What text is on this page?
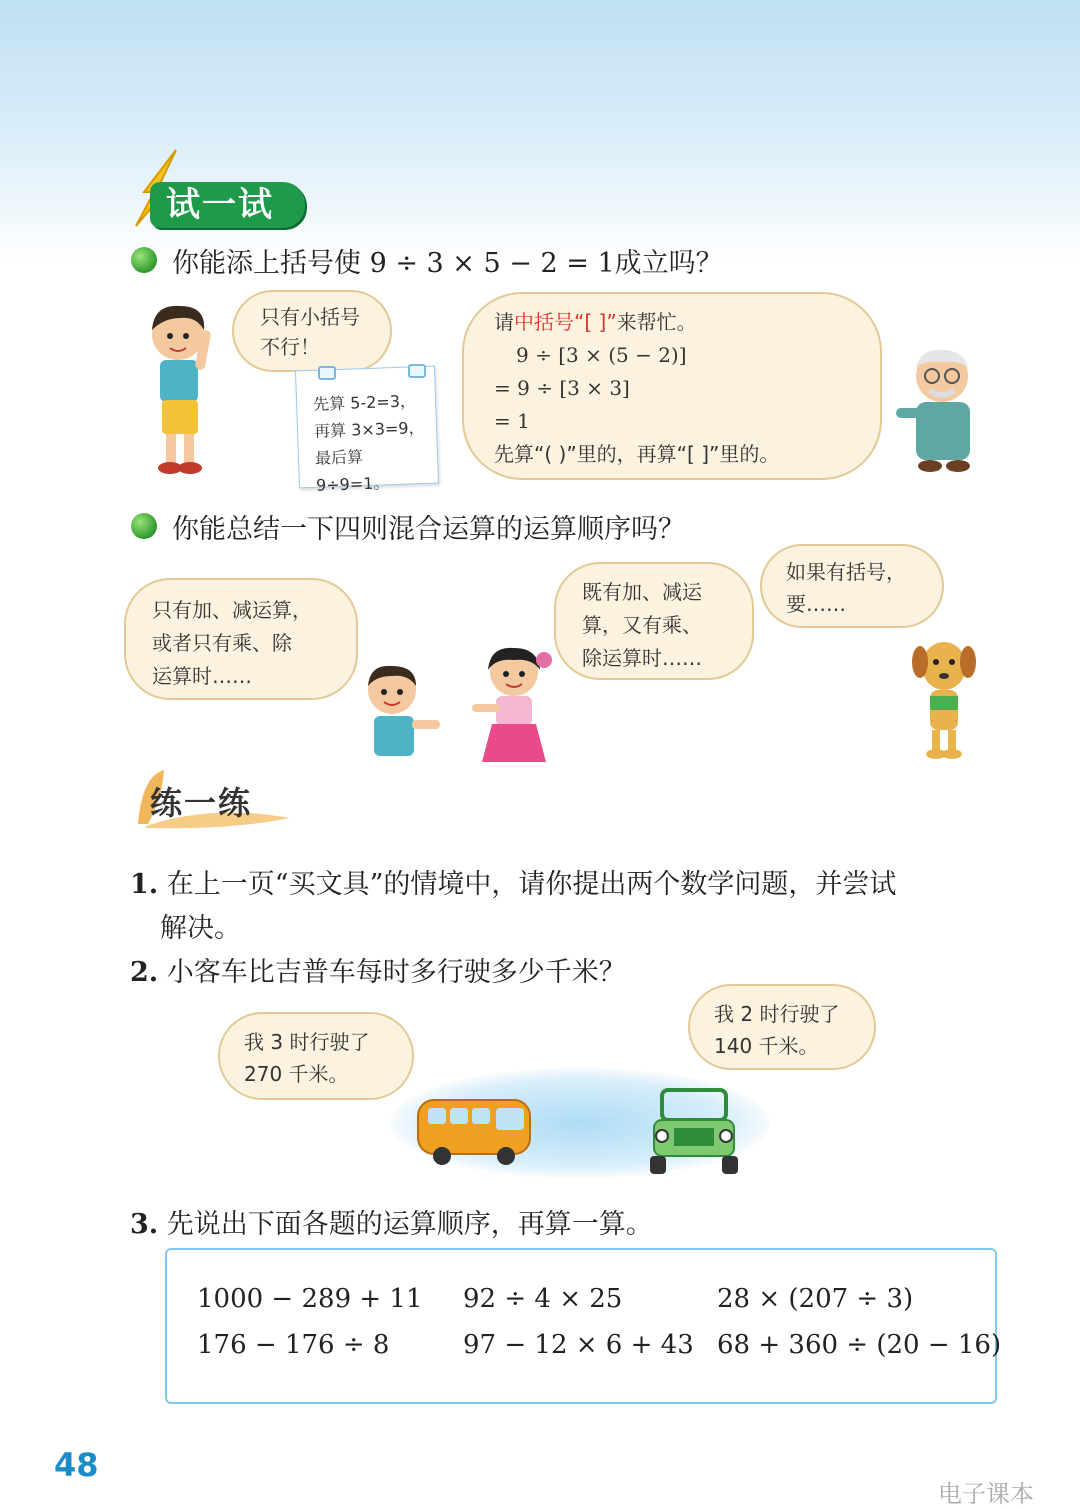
试一试
你能添上括号使 9 ÷ 3 × 5 − 2 = 1成立吗？
只有小括号
不行！
先算 5-2=3，
再算 3×3=9，
最后算 9÷9=1。
请中括号“[ ]”来帮忙。
9 ÷ [3 × (5 − 2)]
= 9 ÷ [3 × 3]
= 1
先算“( )”里的，再算“[ ]”里的。
你能总结一下四则混合运算的运算顺序吗？
只有加、减运算，
或者只有乘、除
运算时……
既有加、减运
算，又有乘、
除运算时……
如果有括号，
要……
练一练
1. 在上一页“买文具”的情境中，请你提出两个数学问题，并尝试
解决。
2. 小客车比吉普车每时多行驶多少千米？
我 3 时行驶了
270 千米。
我 2 时行驶了
140 千米。
3. 先说出下面各题的运算顺序，再算一算。
1000 − 289 + 11 92 ÷ 4 × 25	28 × (207 ÷ 3)
176 − 176 ÷ 8	97 − 12 × 6 + 43 68 + 360 ÷ (20 − 16)
48
电子课本
